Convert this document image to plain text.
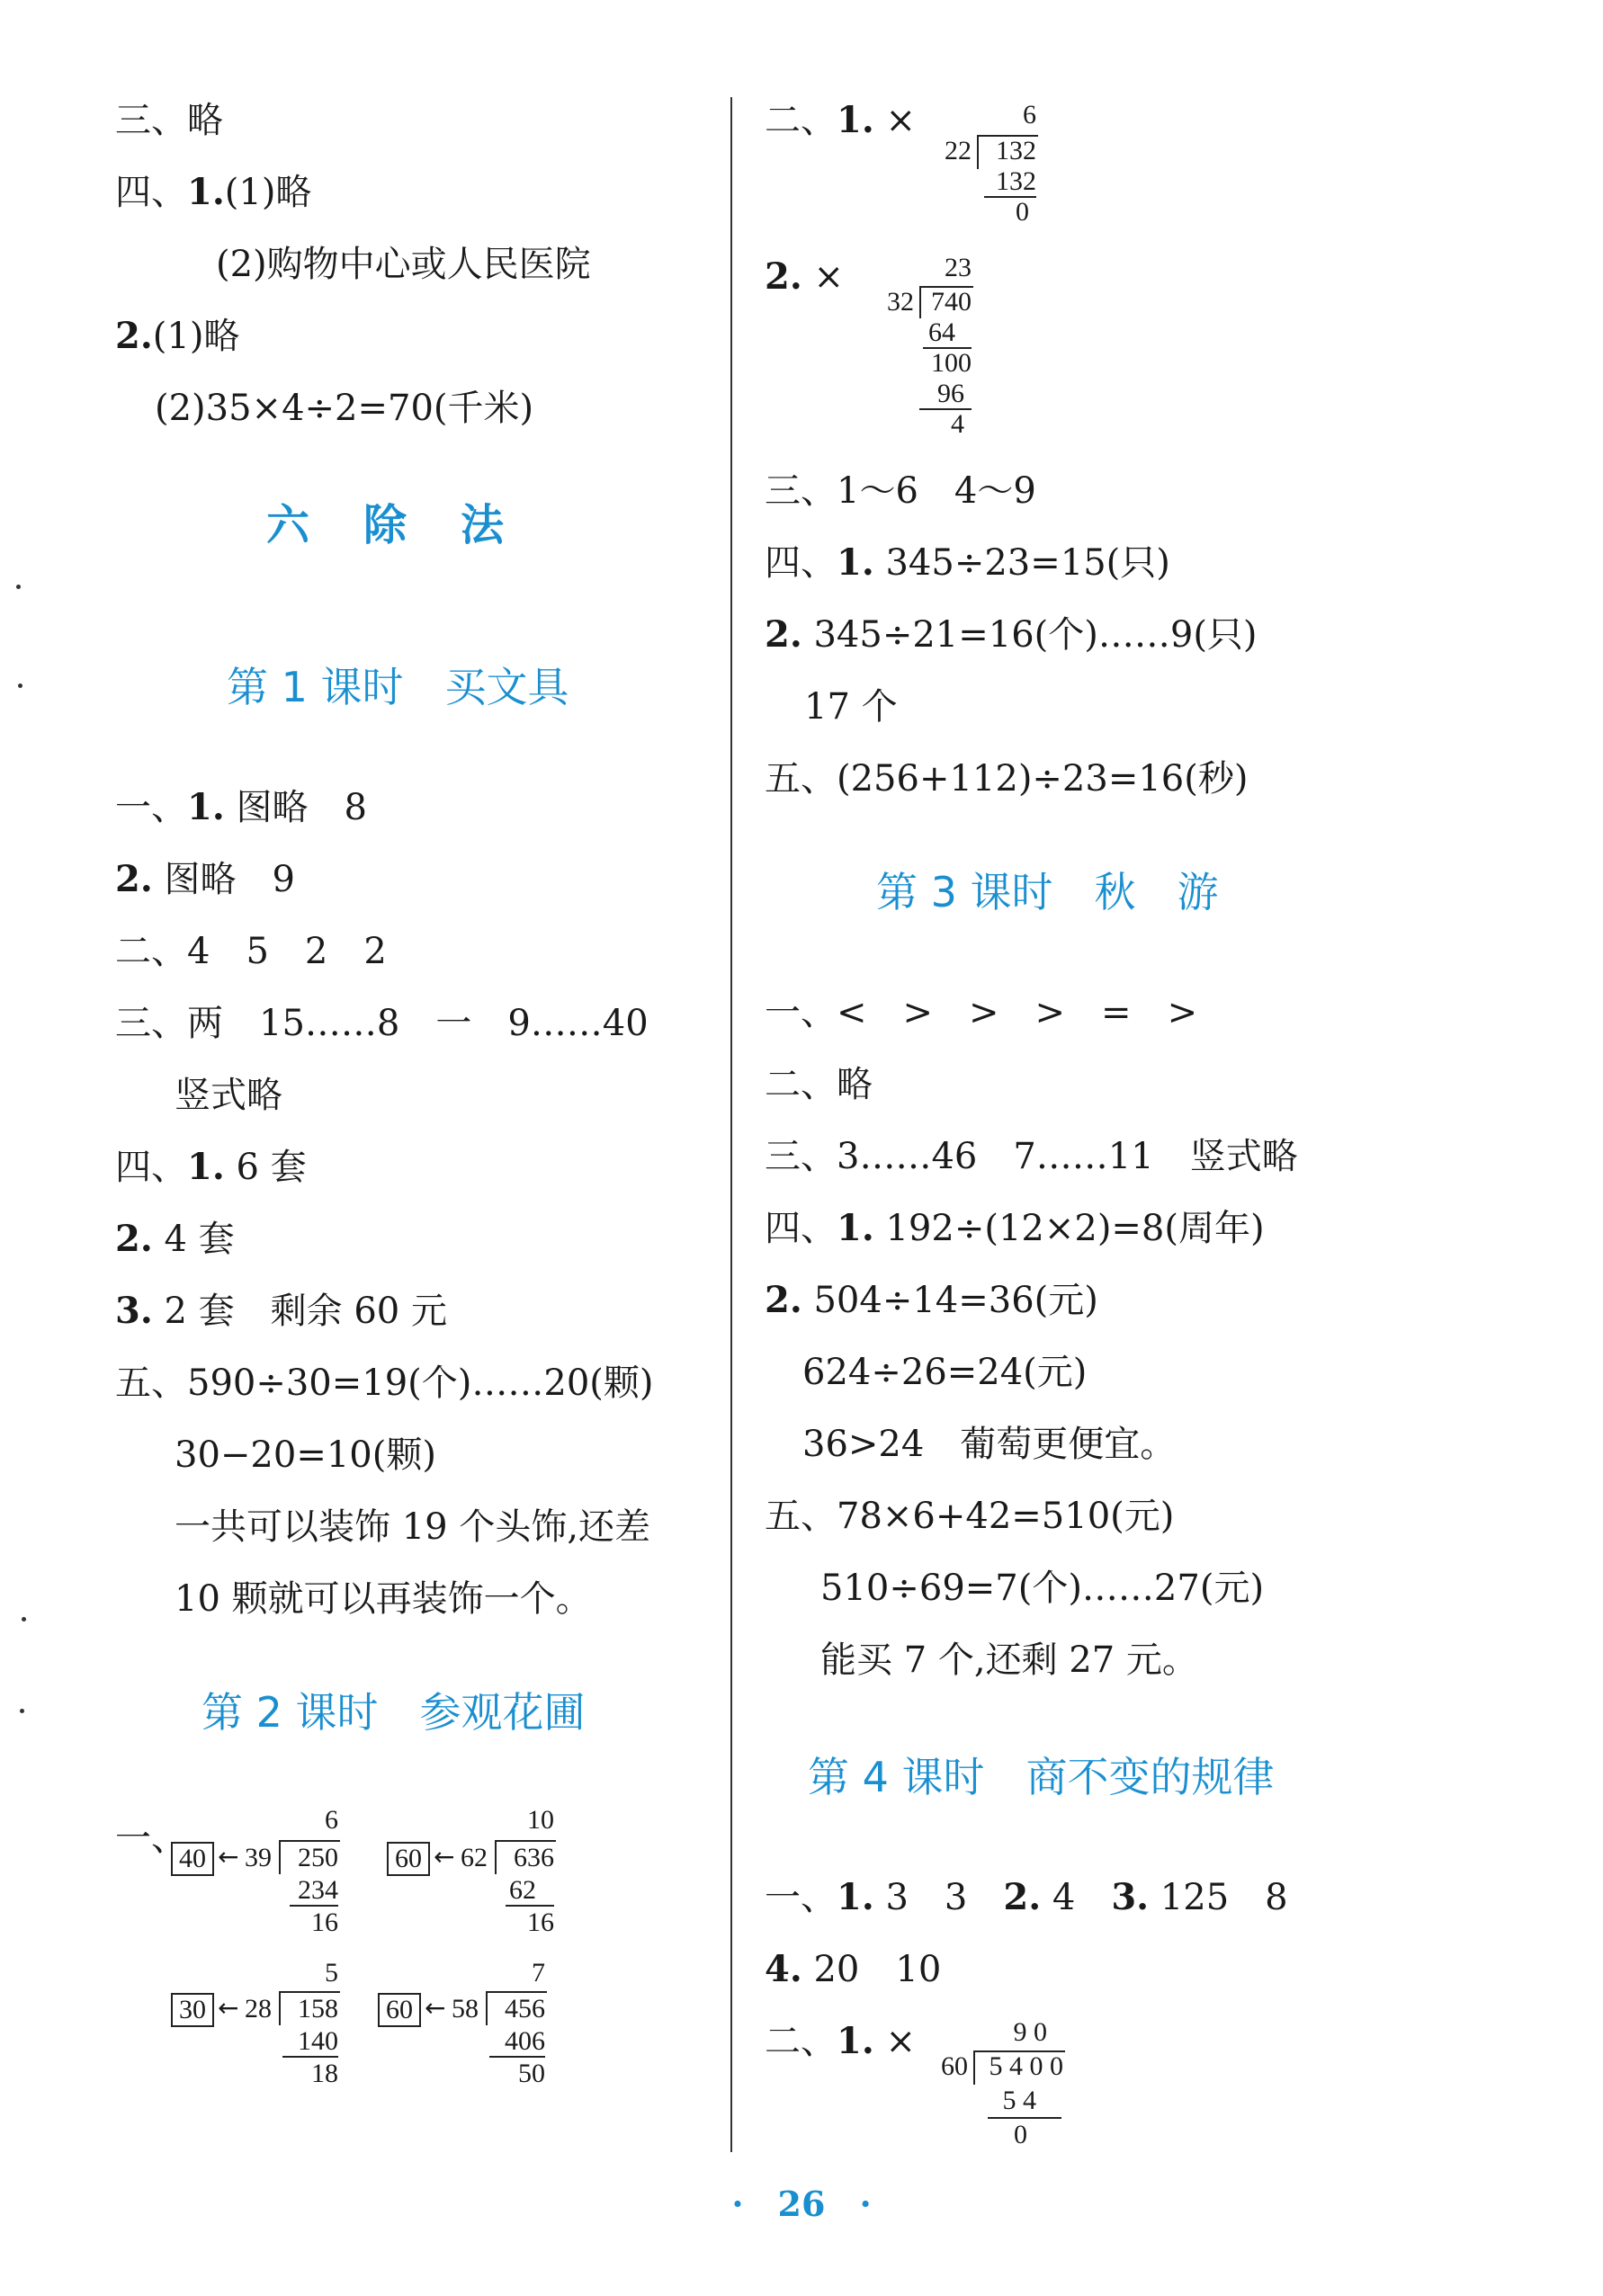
三、略
四、1.(1)略
(2)购物中心或人民医院
2.(1)略
(2)35×4÷2=70(千米)
六除法
第 1 课时　买文具
一、1. 图略　8
2. 图略　9
二、4　5　2　2
三、两　15……8　一　9……40
竖式略
四、1. 6 套
2. 4 套
3. 2 套　剩余 60 元
五、590÷30=19(个)……20(颗)
30−20=10(颗)
一共可以装饰 19 个头饰,还差
10 颗就可以再装饰一个。
第 2 课时　参观花圃
一、
40 ← 39
6
250
234
16
60 ← 62
10
636
62
16
30 ← 28
5
158
140
18
60 ← 58
7
456
406
50
二、1. ×
22
6
132
132
0
2. ×
32
23
740
64
100
96
4
三、1～6　4～9
四、1. 345÷23=15(只)
2. 345÷21=16(个)……9(只)
17 个
五、(256+112)÷23=16(秒)
第 3 课时　秋　游
一、<　>　>　>　=　>
二、略
三、3……46　7……11　竖式略
四、1. 192÷(12×2)=8(周年)
2. 504÷14=36(元)
624÷26=24(元)
36>24　葡萄更便宜。
五、78×6+42=510(元)
510÷69=7(个)……27(元)
能买 7 个,还剩 27 元。
第 4 课时　商不变的规律
一、1. 3　3　2. 4　3. 125　8
4. 20　10
二、1. ×
60
9 0
5 4 0 0
5 4
0
· 26 ·
